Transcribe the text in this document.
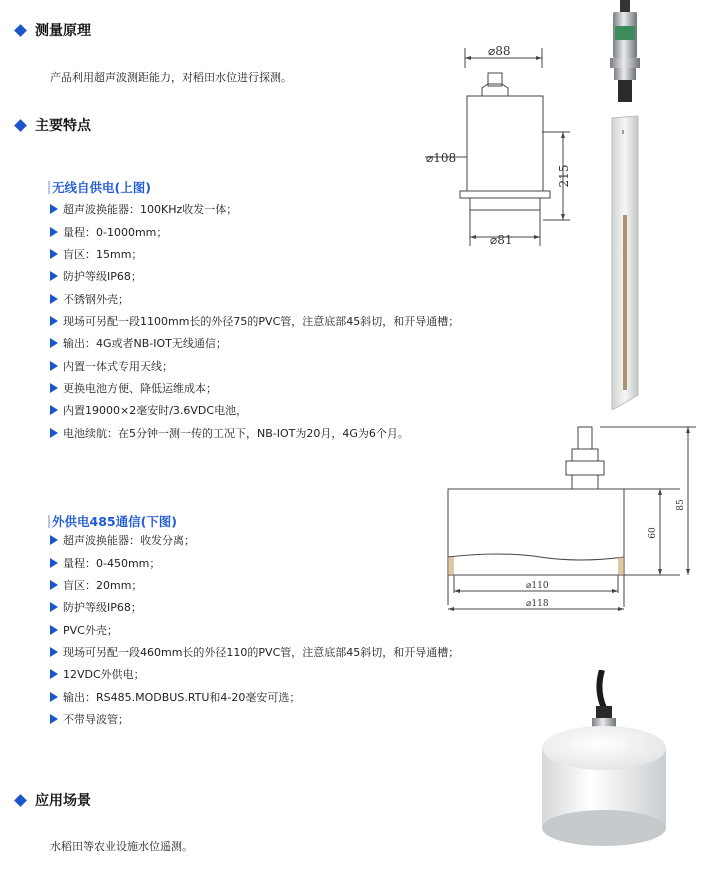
测量原理
产品利用超声波测距能力，对稻田水位进行探测。
主要特点
无线自供电(上图)
超声波换能器：100KHz收发一体；
量程：0-1000mm；
盲区：15mm；
防护等级IP68；
不锈钢外壳；
现场可另配一段1100mm长的外径75的PVC管，注意底部45斜切，和开导通槽；
输出：4G或者NB-IOT无线通信；
内置一体式专用天线；
更换电池方便、降低运维成本；
内置19000×2毫安时/3.6VDC电池，
电池续航：在5分钟一测一传的工况下，NB-IOT为20月，4G为6个月。
外供电485通信(下图)
超声波换能器：收发分离；
量程：0-450mm；
盲区：20mm；
防护等级IP68；
PVC外壳；
现场可另配一段460mm长的外径110的PVC管，注意底部45斜切，和开导通槽；
12VDC外供电；
输出：RS485.MODBUS.RTU和4-20毫安可选；
不带导波管；
应用场景
水稻田等农业设施水位遥测。
⌀88
⌀108
⌀81
215
⌀110
⌀118
60
85
